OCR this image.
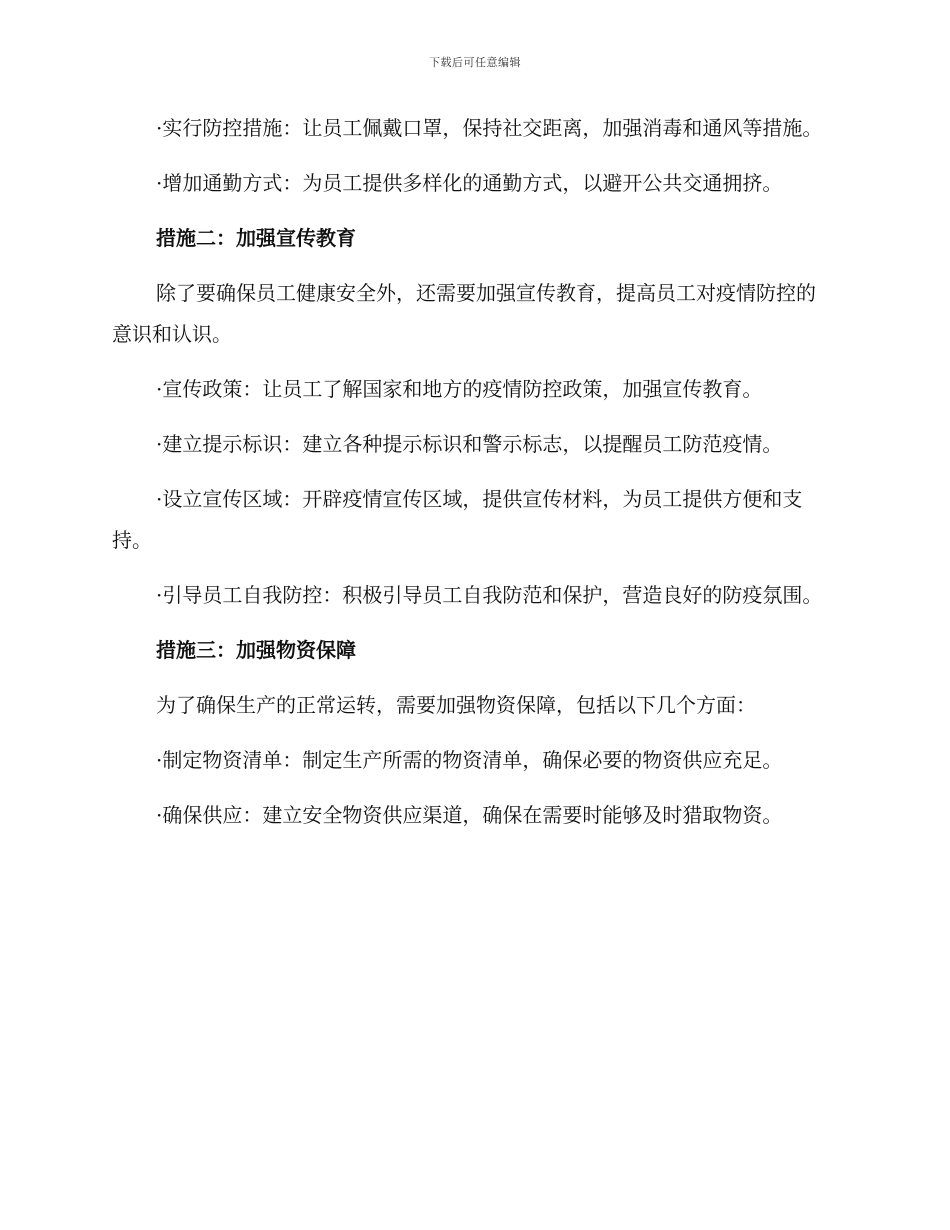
下载后可任意编辑

·实行防控措施：让员工佩戴口罩，保持社交距离，加强消毒和通风等措施。

·增加通勤方式：为员工提供多样化的通勤方式，以避开公共交通拥挤。

措施二：加强宣传教育

除了要确保员工健康安全外，还需要加强宣传教育，提高员工对疫情防控的意识和认识。

·宣传政策：让员工了解国家和地方的疫情防控政策，加强宣传教育。

·建立提示标识：建立各种提示标识和警示标志，以提醒员工防范疫情。

·设立宣传区域：开辟疫情宣传区域，提供宣传材料，为员工提供方便和支持。

·引导员工自我防控：积极引导员工自我防范和保护，营造良好的防疫氛围。

措施三：加强物资保障

为了确保生产的正常运转，需要加强物资保障，包括以下几个方面：

·制定物资清单：制定生产所需的物资清单，确保必要的物资供应充足。

·确保供应：建立安全物资供应渠道，确保在需要时能够及时猎取物资。
